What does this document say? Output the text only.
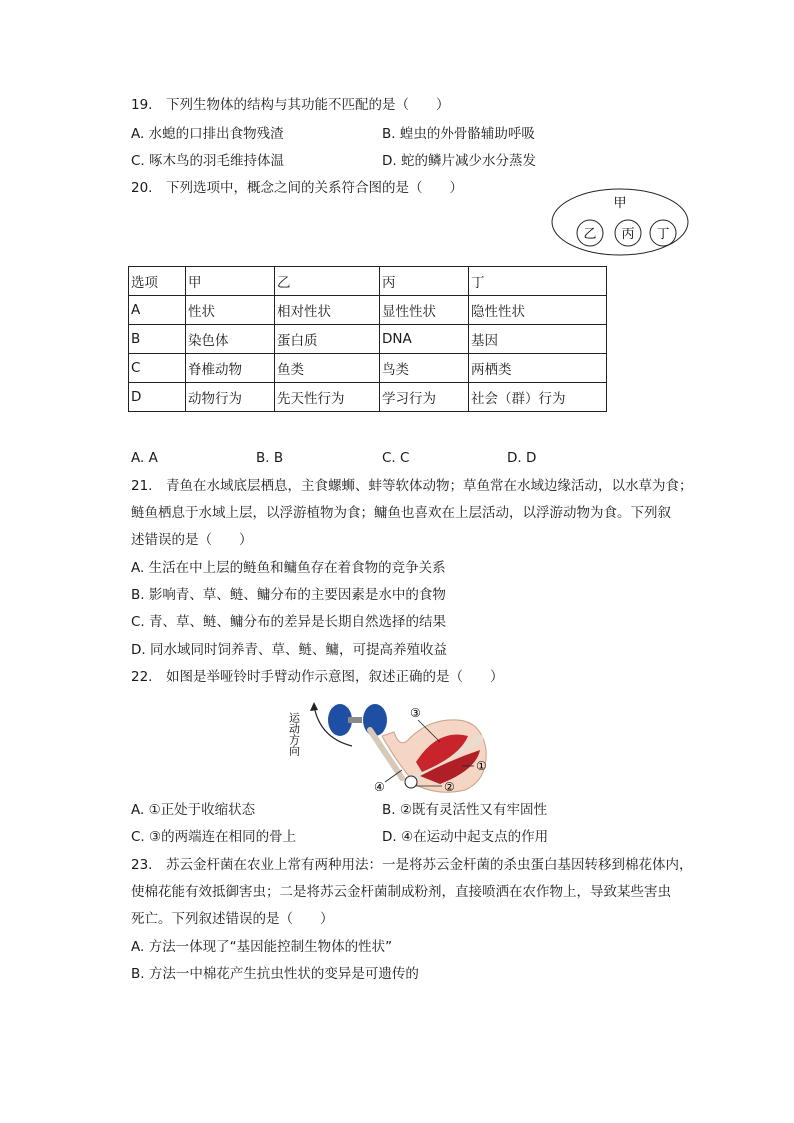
19.　下列生物体的结构与其功能不匹配的是（　　）
A. 水螅的口排出食物残渣	B. 蝗虫的外骨骼辅助呼吸
C. 啄木鸟的羽毛维持体温	D. 蛇的鳞片减少水分蒸发
20.　下列选项中，概念之间的关系符合图的是（　　）
甲
乙 丙 丁
选项	甲	乙	丙	丁
A	性状	相对性状	显性性状	隐性性状
B	染色体	蛋白质	DNA	基因
C	脊椎动物	鱼类	鸟类	两栖类
D	动物行为	先天性行为	学习行为	社会（群）行为
A. A	B. B	C. C	D. D
21.　青鱼在水域底层栖息，主食螺蛳、蚌等软体动物；草鱼常在水域边缘活动，以水草为食；
鲢鱼栖息于水域上层，以浮游植物为食；鳙鱼也喜欢在上层活动，以浮游动物为食。下列叙
述错误的是（　　）
A. 生活在中上层的鲢鱼和鳙鱼存在着食物的竞争关系
B. 影响青、草、鲢、鳙分布的主要因素是水中的食物
C. 青、草、鲢、鳙分布的差异是长期自然选择的结果
D. 同水域同时饲养青、草、鲢、鳙，可提高养殖收益
22.　如图是举哑铃时手臂动作示意图，叙述正确的是（　　）
运动方向	③
①
②
④
A. ①正处于收缩状态	B. ②既有灵活性又有牢固性
C. ③的两端连在相同的骨上	D. ④在运动中起支点的作用
23.　苏云金杆菌在农业上常有两种用法：一是将苏云金杆菌的杀虫蛋白基因转移到棉花体内，
使棉花能有效抵御害虫；二是将苏云金杆菌制成粉剂，直接喷洒在农作物上，导致某些害虫
死亡。下列叙述错误的是（　　）
A. 方法一体现了“基因能控制生物体的性状”
B. 方法一中棉花产生抗虫性状的变异是可遗传的
